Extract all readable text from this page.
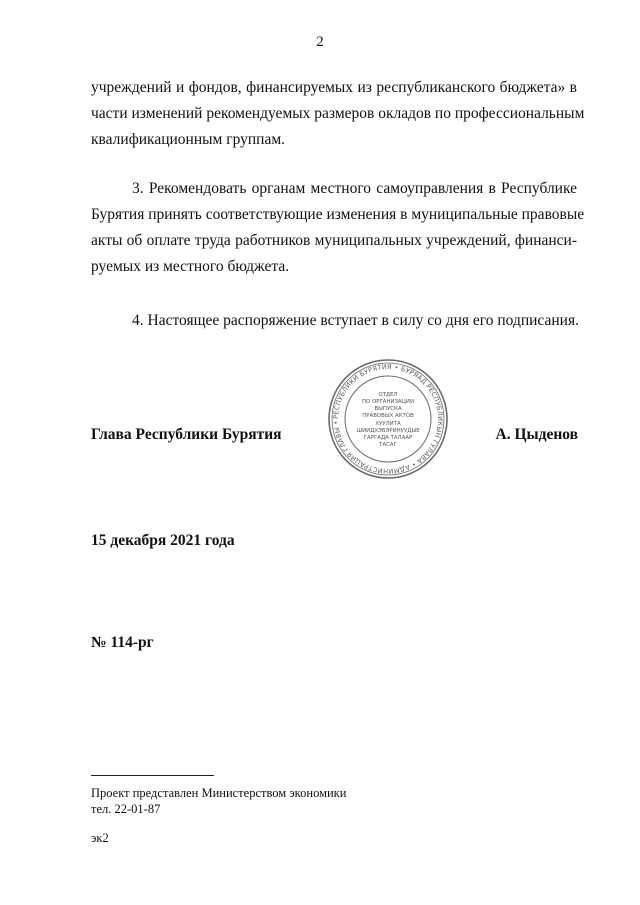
2
учреждений и фондов, финансируемых из республиканского бюджета» в
части изменений рекомендуемых размеров окладов по профессиональным
квалификационным группам.
3. Рекомендовать органам местного самоуправления в Республике
Бурятия принять соответствующие изменения в муниципальные правовые
акты об оплате труда работников муниципальных учреждений, финанси-
руемых из местного бюджета.
4. Настоящее распоряжение вступает в силу со дня его подписания.
Глава Республики Бурятия	А. Цыденов
РЕСПУБЛИКИ БУРЯТИЯ • БУРЯАД РЕСПУБЛИКЫН ГУЛАВА • АДМИНИСТРАЦИЯ ГЛАВЫ •
ОТДЕЛ
ПО ОРГАНИЗАЦИИ
ВЫПУСКА
ПРАВОВЫХ АКТОВ
ХУУЛИТА
ШИИДХЭБЭРИНУУДЫЕ
ГАРГАДА ТАЛААР
ТАСАГ
15 декабря 2021 года
№ 114-рг
Проект представлен Министерством экономики
тел. 22-01-87
эк2
